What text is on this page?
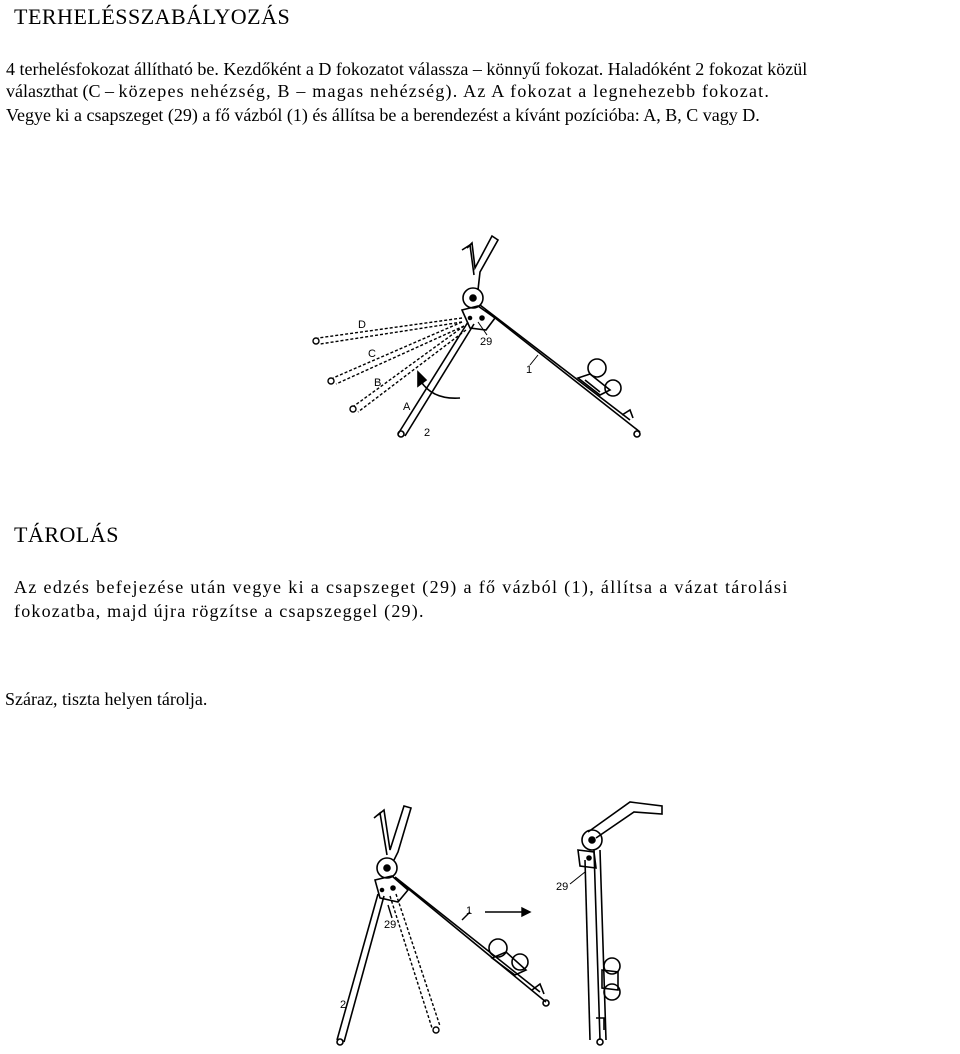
TERHELÉSSZABÁLYOZÁS
4 terhelésfokozat állítható be. Kezdőként a D fokozatot válassza – könnyű fokozat. Haladóként 2 fokozat közül
választhat (C – közepes nehézség, B – magas nehézség). Az A fokozat a legnehezebb fokozat.
Vegye ki a csapszeget (29) a fő vázból (1) és állítsa be a berendezést a kívánt pozícióba: A, B, C vagy D.
D
C
B
A
29
1
2
TÁROLÁS
Az edzés befejezése után vegye ki a csapszeget (29) a fő vázból (1), állítsa a vázat tárolási
fokozatba, majd újra rögzítse a csapszeggel (29).
Száraz, tiszta helyen tárolja.
1
29
2
29
